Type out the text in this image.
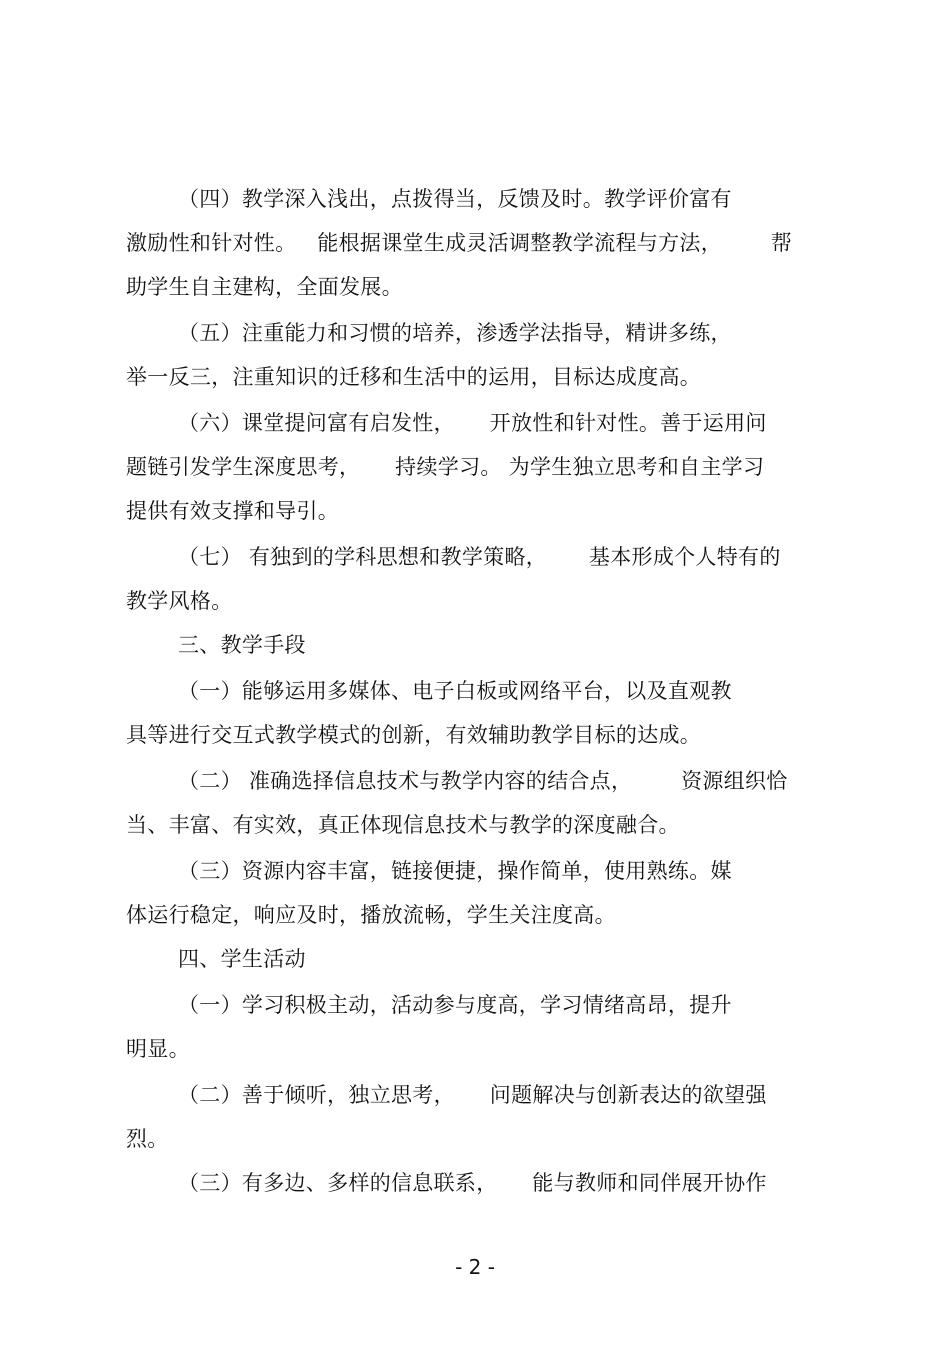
（四）教学深入浅出，点拨得当，反馈及时。教学评价富有
激励性和针对性。   能根据课堂生成灵活调整教学流程与方法，       帮
助学生自主建构，全面发展。
（五）注重能力和习惯的培养，渗透学法指导，精讲多练，
举一反三，注重知识的迁移和生活中的运用，目标达成度高。
（六）课堂提问富有启发性，     开放性和针对性。善于运用问
题链引发学生深度思考，     持续学习。 为学生独立思考和自主学习
提供有效支撑和导引。
（七） 有独到的学科思想和教学策略，      基本形成个人特有的
教学风格。
三、教学手段
（一）能够运用多媒体、电子白板或网络平台，以及直观教
具等进行交互式教学模式的创新，有效辅助教学目标的达成。
（二） 准确选择信息技术与教学内容的结合点，       资源组织恰
当、丰富、有实效，真正体现信息技术与教学的深度融合。
（三）资源内容丰富，链接便捷，操作简单，使用熟练。媒
体运行稳定，响应及时，播放流畅，学生关注度高。
四、学生活动
（一）学习积极主动，活动参与度高，学习情绪高昂，提升
明显。
（二）善于倾听，独立思考，     问题解决与创新表达的欲望强
烈。
（三）有多边、多样的信息联系，     能与教师和同伴展开协作
- 2 -
